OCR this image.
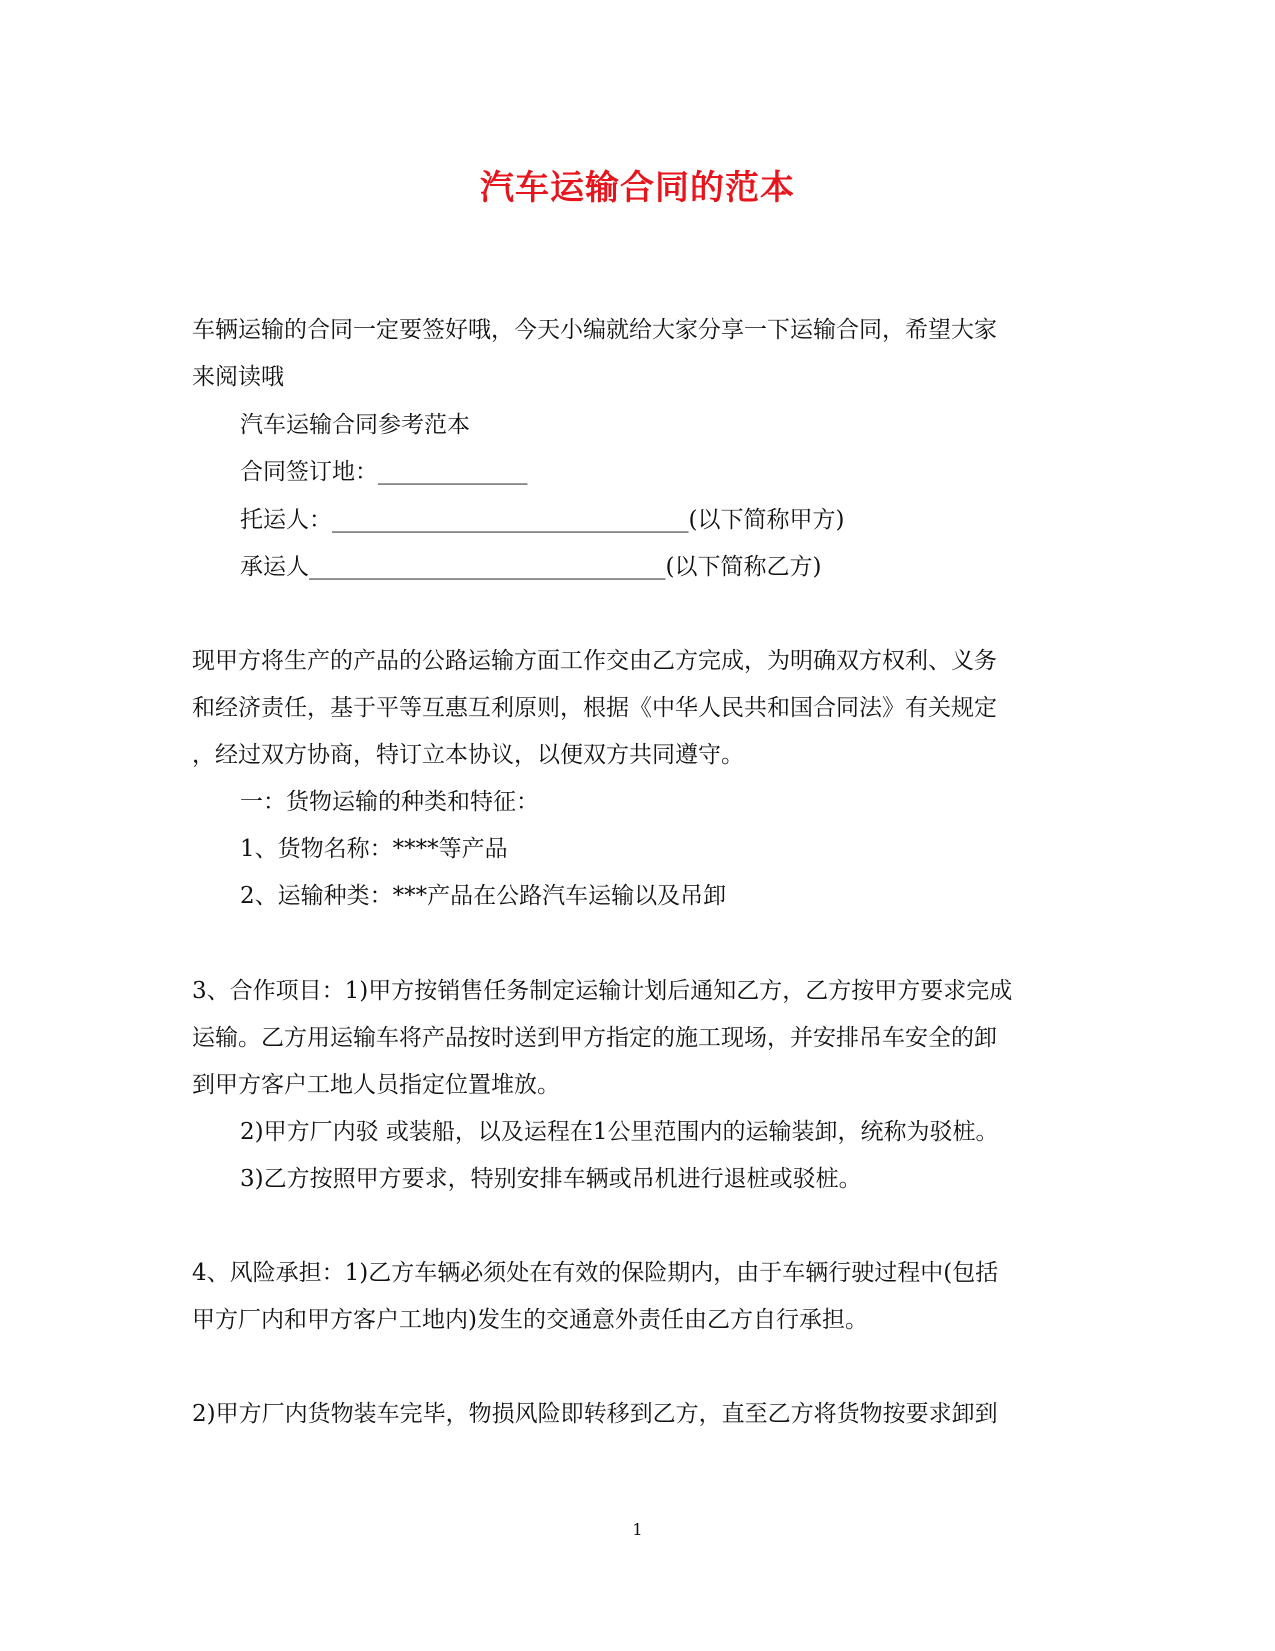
汽车运输合同的范本
车辆运输的合同一定要签好哦，今天小编就给大家分享一下运输合同，希望大家
来阅读哦
汽车运输合同参考范本
合同签订地：_____________
托运人：_______________________________(以下简称甲方)
承运人_______________________________(以下简称乙方)
现甲方将生产的产品的公路运输方面工作交由乙方完成，为明确双方权利、义务
和经济责任，基于平等互惠互利原则，根据《中华人民共和国合同法》有关规定
，经过双方协商，特订立本协议，以便双方共同遵守。
一：货物运输的种类和特征：
1、货物名称：****等产品
2、运输种类：***产品在公路汽车运输以及吊卸
3、合作项目：1)甲方按销售任务制定运输计划后通知乙方，乙方按甲方要求完成
运输。乙方用运输车将产品按时送到甲方指定的施工现场，并安排吊车安全的卸
到甲方客户工地人员指定位置堆放。
2)甲方厂内驳 或装船，以及运程在1公里范围内的运输装卸，统称为驳桩。
3)乙方按照甲方要求，特别安排车辆或吊机进行退桩或驳桩。
4、风险承担：1)乙方车辆必须处在有效的保险期内，由于车辆行驶过程中(包括
甲方厂内和甲方客户工地内)发生的交通意外责任由乙方自行承担。
2)甲方厂内货物装车完毕，物损风险即转移到乙方，直至乙方将货物按要求卸到
1
